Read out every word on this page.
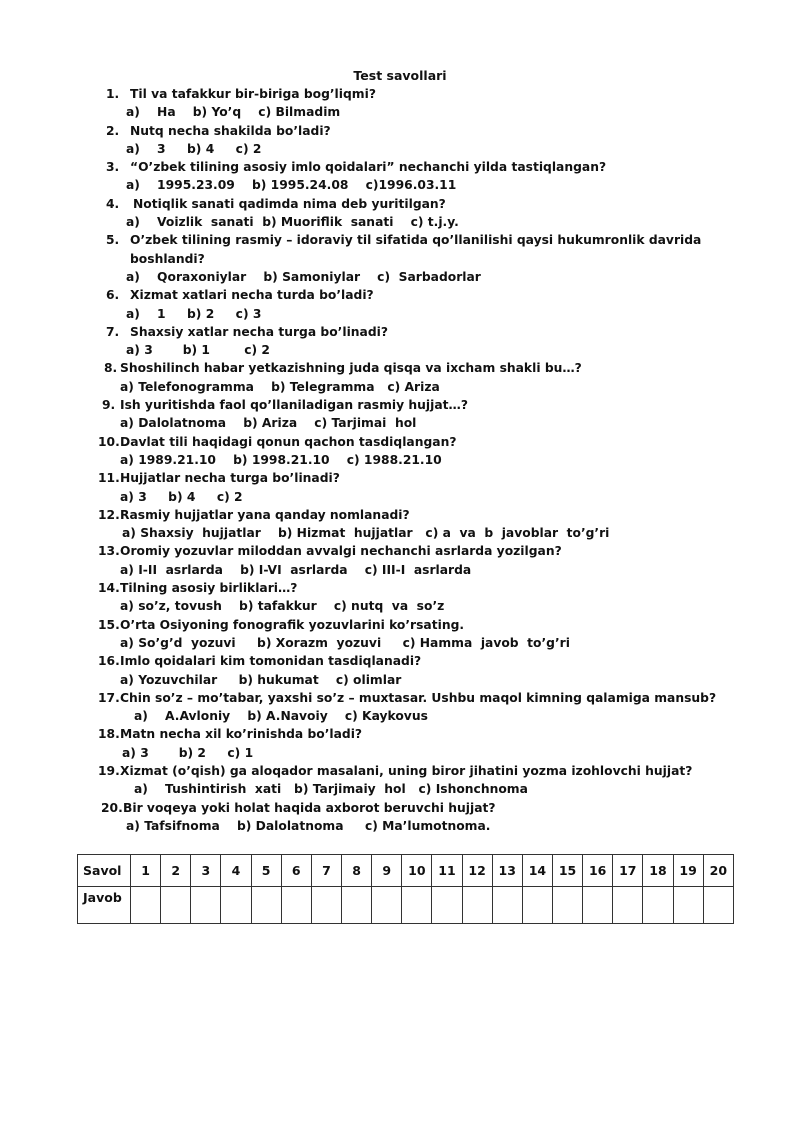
Test savollari
1. Til va tafakkur bir-biriga bog’liqmi?
a)    Ha    b) Yo’q    c) Bilmadim
2. Nutq necha shakilda bo’ladi?
a)    3     b) 4     c) 2
3. “O’zbek tilining asosiy imlo qoidalari” nechanchi yilda tastiqlangan?
a)    1995.23.09    b) 1995.24.08    c)1996.03.11
4. Notiqlik sanati qadimda nima deb yuritilgan?
a)    Voizlik  sanati  b) Muoriflik  sanati    c) t.j.y.
5. O’zbek tilining rasmiy – idoraviy til sifatida qo’llanilishi qaysi hukumronlik davrida
boshlandi?
a)    Qoraxoniylar    b) Samoniylar    c)  Sarbadorlar
6. Xizmat xatlari necha turda bo’ladi?
a)    1     b) 2     c) 3
7. Shaxsiy xatlar necha turga bo’linadi?
a) 3       b) 1        c) 2
8. Shoshilinch habar yetkazishning juda qisqa va ixcham shakli bu…?
a) Telefonogramma    b) Telegramma   c) Ariza
9. Ish yuritishda faol qo’llaniladigan rasmiy hujjat…?
a) Dalolatnoma    b) Ariza    c) Tarjimai  hol
10. Davlat tili haqidagi qonun qachon tasdiqlangan?
a) 1989.21.10    b) 1998.21.10    c) 1988.21.10
11. Hujjatlar necha turga bo’linadi?
a) 3     b) 4     c) 2
12. Rasmiy hujjatlar yana qanday nomlanadi?
a) Shaxsiy  hujjatlar    b) Hizmat  hujjatlar   c) a  va  b  javoblar  to’g’ri
13. Oromiy yozuvlar miloddan avvalgi nechanchi asrlarda yozilgan?
a) I-II  asrlarda    b) I-VI  asrlarda    c) III-I  asrlarda
14. Tilning asosiy birliklari…?
a) so’z, tovush    b) tafakkur    c) nutq  va  so’z
15. O’rta Osiyoning fonografik yozuvlarini ko’rsating.
a) So’g’d  yozuvi     b) Xorazm  yozuvi     c) Hamma  javob  to’g’ri
16. Imlo qoidalari kim tomonidan tasdiqlanadi?
a) Yozuvchilar     b) hukumat    c) olimlar
17. Chin so’z – mo’tabar, yaxshi so’z – muxtasar. Ushbu maqol kimning qalamiga mansub?
a)    A.Avloniy    b) A.Navoiy    c) Kaykovus
18. Matn necha xil ko’rinishda bo’ladi?
a) 3       b) 2     c) 1
19. Xizmat (o’qish) ga aloqador masalani, uning biror jihatini yozma izohlovchi hujjat?
a)    Tushintirish  xati   b) Tarjimaiy  hol   c) Ishonchnoma
20. Bir voqeya yoki holat haqida axborot beruvchi hujjat?
a) Tafsifnoma    b) Dalolatnoma     c) Ma’lumotnoma.
Savol	1	2	3	4	5	6	7	8	9	10	11	12	13	14	15	16	17	18	19	20
Javob																				
